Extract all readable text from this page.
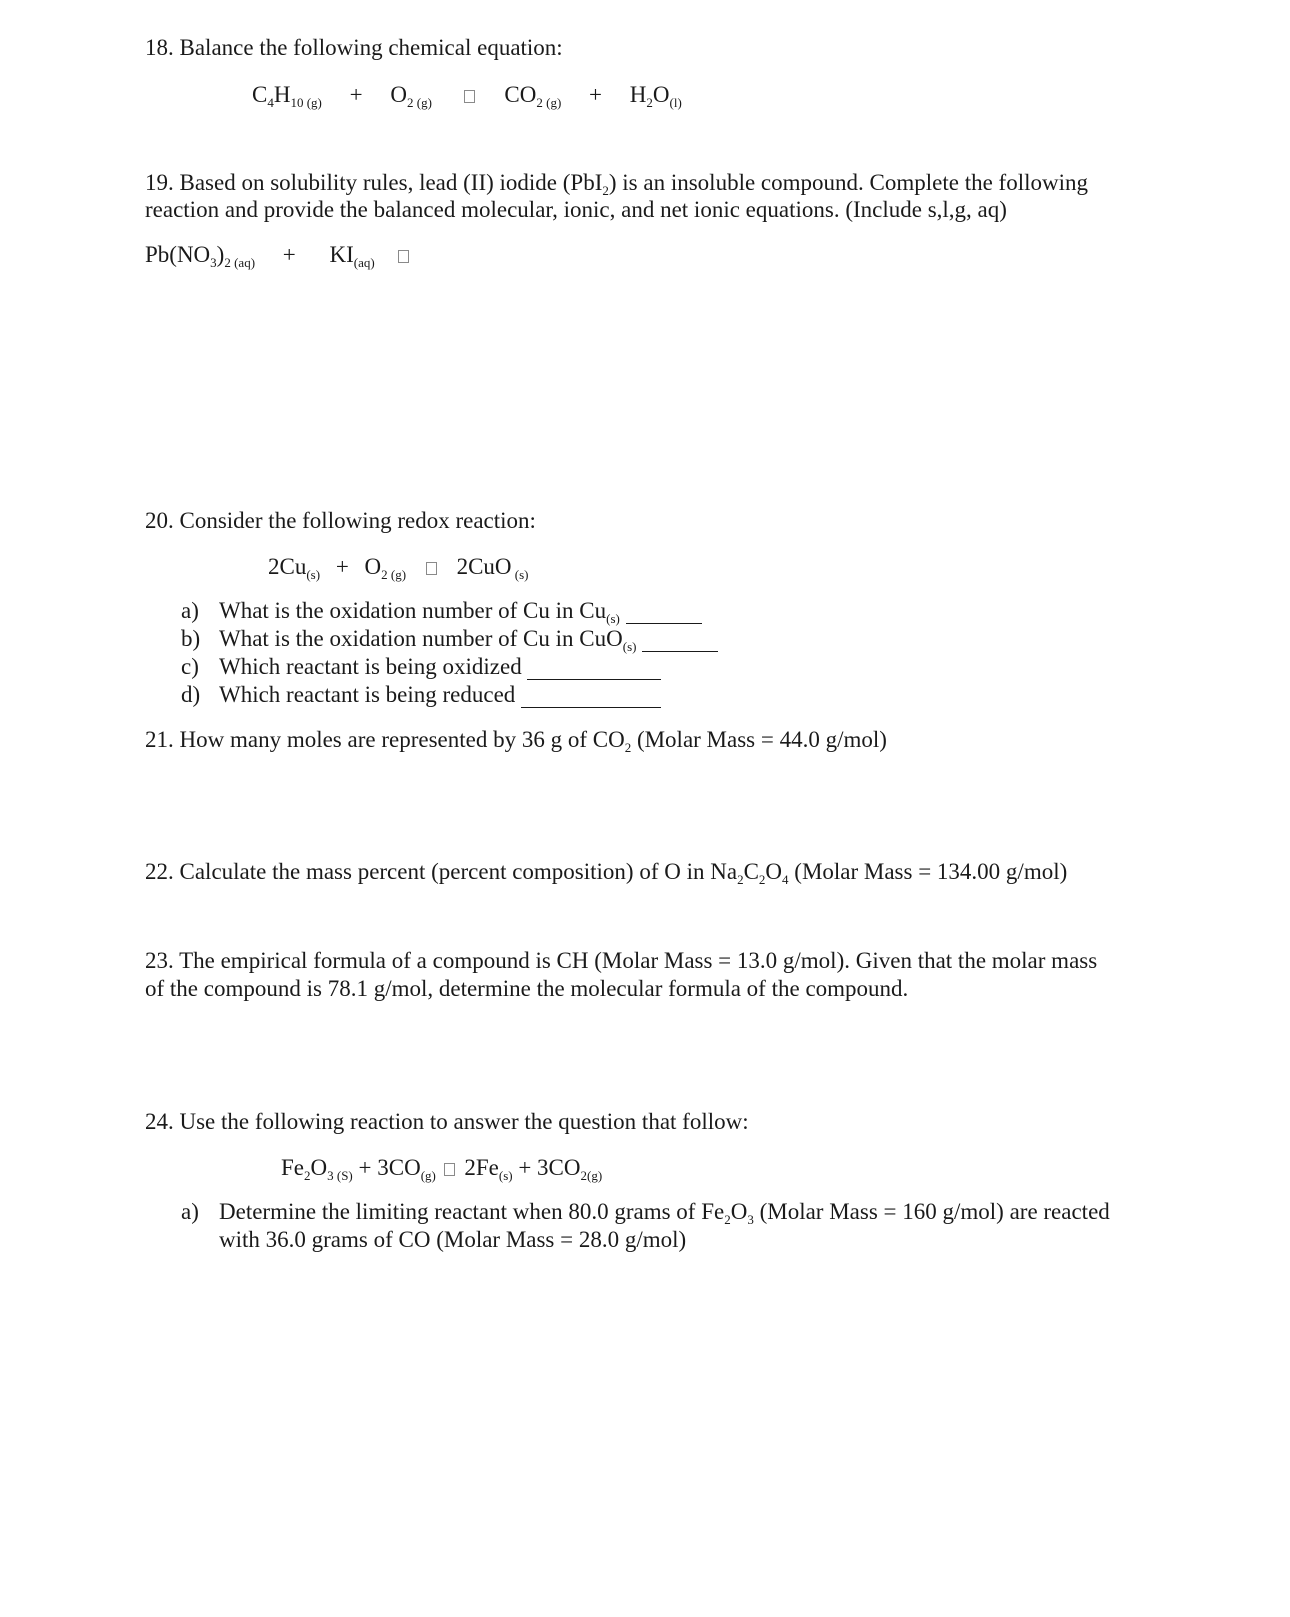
18. Balance the following chemical equation:
$C_4H_{10 (g)} + O_{2 (g)}$	$CO_{2 (g)} + H_2O_{(l)}$
19. Based on solubility rules, lead (II) iodide (PbI$_2$) is an insoluble compound. Complete the following
reaction and provide the balanced molecular, ionic, and net ionic equations. (Include s,l,g, aq)
$Pb(NO_3)_{2 (aq)} + KI_{(aq)}$
20. Consider the following redox reaction:
$2Cu_{(s)} + O_{2 (g)}$ 2CuO $_{(s)}$
a) What is the oxidation number of Cu in $Cu_{(s)}$
b) What is the oxidation number of Cu in CuO$_{(s)}$
c) Which reactant is being oxidized
d) Which reactant is being reduced
21. How many moles are represented by 36 g of $CO_2$ (Molar Mass = 44.0 g/mol)
22. Calculate the mass percent (percent composition) of O in $Na_2C_2O_4$ (Molar Mass = 134.00 g/mol)
23. The empirical formula of a compound is CH (Molar Mass = 13.0 g/mol). Given that the molar mass
of the compound is 78.1 g/mol, determine the molecular formula of the compound.
24. Use the following reaction to answer the question that follow:
$Fe_2O_{3 (S)} + 3CO_{(g)}$ $2Fe_{(s)} + 3CO_{2(g)}$
a) Determine the limiting reactant when 80.0 grams of $Fe_2O_3$ (Molar Mass = 160 g/mol) are reacted
with 36.0 grams of CO (Molar Mass = 28.0 g/mol)
